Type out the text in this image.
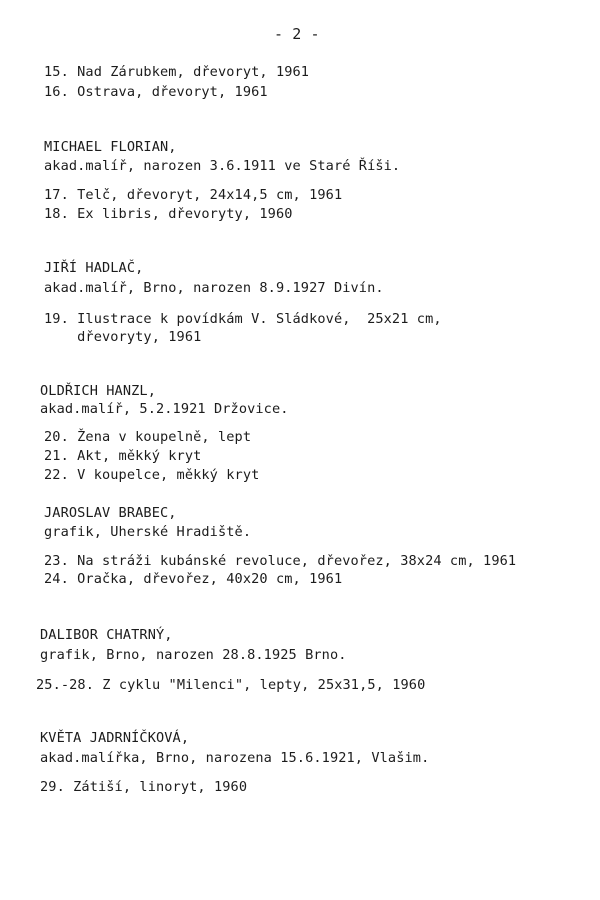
- 2 -
15. Nad Zárubkem, dřevoryt, 1961
16. Ostrava, dřevoryt, 1961
MICHAEL FLORIAN,
akad.malíř, narozen 3.6.1911 ve Staré Říši.
17. Telč, dřevoryt, 24x14,5 cm, 1961
18. Ex libris, dřevoryty, 1960
JIŘÍ HADLAČ,
akad.malíř, Brno, narozen 8.9.1927 Divín.
19. Ilustrace k povídkám V. Sládkové,  25x21 cm,
dřevoryty, 1961
OLDŘICH HANZL,
akad.malíř, 5.2.1921 Držovice.
20. Žena v koupelně, lept
21. Akt, měkký kryt
22. V koupelce, měkký kryt
JAROSLAV BRABEC,
grafik, Uherské Hradiště.
23. Na stráži kubánské revoluce, dřevořez, 38x24 cm, 1961
24. Oračka, dřevořez, 40x20 cm, 1961
DALIBOR CHATRNÝ,
grafik, Brno, narozen 28.8.1925 Brno.
25.-28. Z cyklu "Milenci", lepty, 25x31,5, 1960
KVĚTA JADRNÍČKOVÁ,
akad.malířka, Brno, narozena 15.6.1921, Vlašim.
29. Zátiší, linoryt, 1960
